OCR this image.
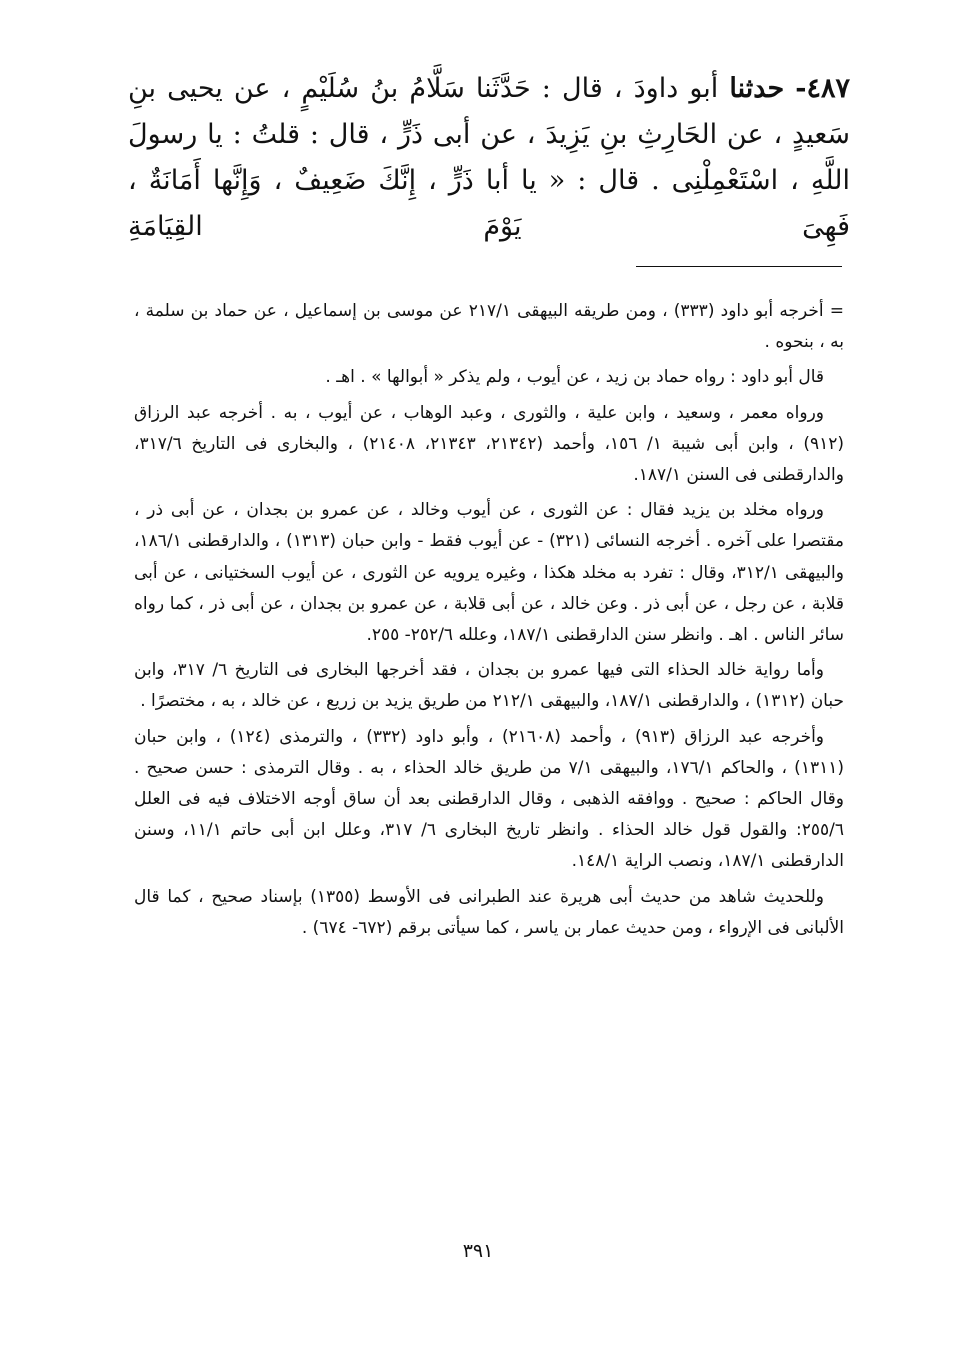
٤٨٧- حدثنا أبو داودَ ، قال : حَدَّثَنا سَلَّامُ بنُ سُلَيْمٍ ، عن يحيى بنِ سَعيدٍ ، عن الحَارِثِ بنِ يَزِيدَ ، عن أبى ذَرٍّ ، قال : قلتُ : يا رسولَ اللَّهِ ، اسْتَعْمِلْنِى . قال : « يا أبا ذَرٍّ ، إِنَّكَ ضَعِيفٌ ، وَإِنَّها أَمَانَةٌ ، فَهِىَ يَوْمَ القِيَامَةِ

= أخرجه أبو داود (٣٣٣) ، ومن طريقه البيهقى ٢١٧/١ عن موسى بن إسماعيل ، عن حماد بن سلمة ، به ، بنحوه .

قال أبو داود : رواه حماد بن زيد ، عن أيوب ، ولم يذكر « أبوالها » . اهـ .

ورواه معمر ، وسعيد ، وابن علية ، والثورى ، وعبد الوهاب ، عن أيوب ، به . أخرجه عبد الرزاق (٩١٢) ، وابن أبى شيبة ١/ ١٥٦، وأحمد (٢١٣٤٢، ٢١٣٤٣، ٢١٤٠٨) ، والبخارى فى التاريخ ٣١٧/٦، والدارقطنى فى السنن ١٨٧/١.

ورواه مخلد بن يزيد فقال : عن الثورى ، عن أيوب وخالد ، عن عمرو بن بجدان ، عن أبى ذر ، مقتصرا على آخره . أخرجه النسائى (٣٢١) - عن أيوب فقط - وابن حبان (١٣١٣) ، والدارقطنى ١٨٦/١، والبيهقى ٣١٢/١، وقال : تفرد به مخلد هكذا ، وغيره يرويه عن الثورى ، عن أيوب السختيانى ، عن أبى قلابة ، عن رجل ، عن أبى ذر . وعن خالد ، عن أبى قلابة ، عن عمرو بن بجدان ، عن أبى ذر ، كما رواه سائر الناس . اهـ . وانظر سنن الدارقطنى ١٨٧/١، وعلله ٢٥٢/٦- ٢٥٥.

وأما رواية خالد الحذاء التى فيها عمرو بن بجدان ، فقد أخرجها البخارى فى التاريخ ٦/ ٣١٧، وابن حبان (١٣١٢) ، والدارقطنى ١٨٧/١، والبيهقى ٢١٢/١ من طريق يزيد بن زريع ، عن خالد ، به ، مختصرًا .

وأخرجه عبد الرزاق (٩١٣) ، وأحمد (٢١٦٠٨) ، وأبو داود (٣٣٢) ، والترمذى (١٢٤) ، وابن حبان (١٣١١) ، والحاكم ١٧٦/١، والبيهقى ٧/١ من طريق خالد الحذاء ، به . وقال الترمذى : حسن صحيح . وقال الحاكم : صحيح . ووافقه الذهبى ، وقال الدارقطنى بعد أن ساق أوجه الاختلاف فيه فى العلل ٢٥٥/٦: والقول قول خالد الحذاء . وانظر تاريخ البخارى ٦/ ٣١٧، وعلل ابن أبى حاتم ١١/١، وسنن الدارقطنى ١٨٧/١، ونصب الراية ١٤٨/١.

وللحديث شاهد من حديث أبى هريرة عند الطبرانى فى الأوسط (١٣٥٥) بإسناد صحيح ، كما قال الألبانى فى الإرواء ، ومن حديث عمار بن ياسر ، كما سيأتى برقم (٦٧٢- ٦٧٤) .

٣٩١
